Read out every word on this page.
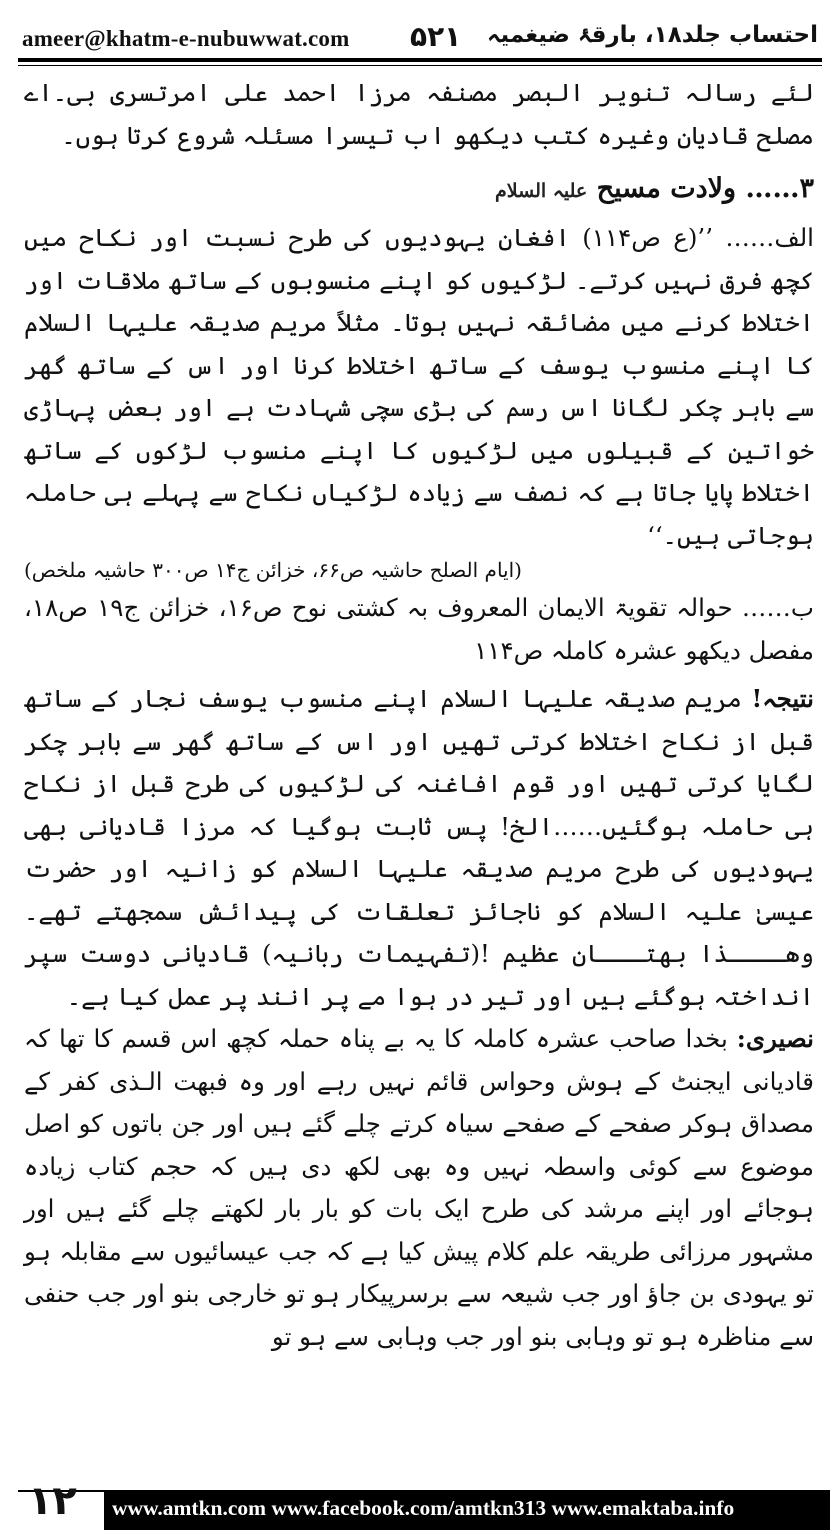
ameer@khatm-e-nubuwwat.com ۵۲۱ احتساب جلد۱۸، بارقۂ ضیغمیہ

لئے رسالہ تنویر البصر مصنفہ مرزا احمد علی امرتسری بی۔اے مصلح قادیان وغیرہ کتب دیکھو اب تیسرا مسئلہ شروع کرتا ہوں۔

۳…… ولادت مسیح علیہ السلام

الف…… ’’(ع ص۱۱۴) افغان یہودیوں کی طرح نسبت اور نکاح میں کچھ فرق نہیں کرتے۔ لڑکیوں کو اپنے منسوبوں کے ساتھ ملاقات اور اختلاط کرنے میں مضائقہ نہیں ہوتا۔ مثلاً مریم صدیقہ علیہا السلام کا اپنے منسوب یوسف کے ساتھ اختلاط کرنا اور اس کے ساتھ گھر سے باہر چکر لگانا اس رسم کی بڑی سچی شہادت ہے اور بعض پہاڑی خواتین کے قبیلوں میں لڑکیوں کا اپنے منسوب لڑکوں کے ساتھ اختلاط پایا جاتا ہے کہ نصف سے زیادہ لڑکیاں نکاح سے پہلے ہی حاملہ ہوجاتی ہیں۔‘‘
(ایام الصلح حاشیہ ص۶۶، خزائن ج۱۴ ص۳۰۰ حاشیہ ملخص)

ب…… حوالہ تقویۃ الایمان المعروف بہ کشتی نوح ص۱۶، خزائن ج۱۹ ص۱۸، مفصل دیکھو عشرہ کاملہ ص۱۱۴

نتیجہ! مریم صدیقہ علیہا السلام اپنے منسوب یوسف نجار کے ساتھ قبل از نکاح اختلاط کرتی تھیں اور اس کے ساتھ گھر سے باہر چکر لگایا کرتی تھیں اور قوم افاغنہ کی لڑکیوں کی طرح قبل از نکاح ہی حاملہ ہوگئیں……الخ! پس ثابت ہوگیا کہ مرزا قادیانی بھی یہودیوں کی طرح مریم صدیقہ علیہا السلام کو زانیہ اور حضرت عیسیٰ علیہ السلام کو ناجائز تعلقات کی پیدائش سمجھتے تھے۔ وھــــذا بھتـــان عظیم !(تفہیمات ربانیہ) قادیانی دوست سپر انداختہ ہوگئے ہیں اور تیر در ہوا مے پر انند پر عمل کیا ہے۔

نصیری: بخدا صاحب عشرہ کاملہ کا یہ بے پناہ حملہ کچھ اس قسم کا تھا کہ قادیانی ایجنٹ کے ہوش وحواس قائم نہیں رہے اور وہ فبھت الـذی کفر کے مصداق ہوکر صفحے کے صفحے سیاہ کرتے چلے گئے ہیں اور جن باتوں کو اصل موضوع سے کوئی واسطہ نہیں وہ بھی لکھ دی ہیں کہ حجم کتاب زیادہ ہوجائے اور اپنے مرشد کی طرح ایک بات کو بار بار لکھتے چلے گئے ہیں اور مشہور مرزائی طریقہ علم کلام پیش کیا ہے کہ جب عیسائیوں سے مقابلہ ہو تو یہودی بن جاؤ اور جب شیعہ سے برسرپیکار ہو تو خارجی بنو اور جب حنفی سے مناظرہ ہو تو وہابی بنو اور جب وہابی سے ہو تو

۱۲ www.amtkn.com www.facebook.com/amtkn313 www.emaktaba.info
